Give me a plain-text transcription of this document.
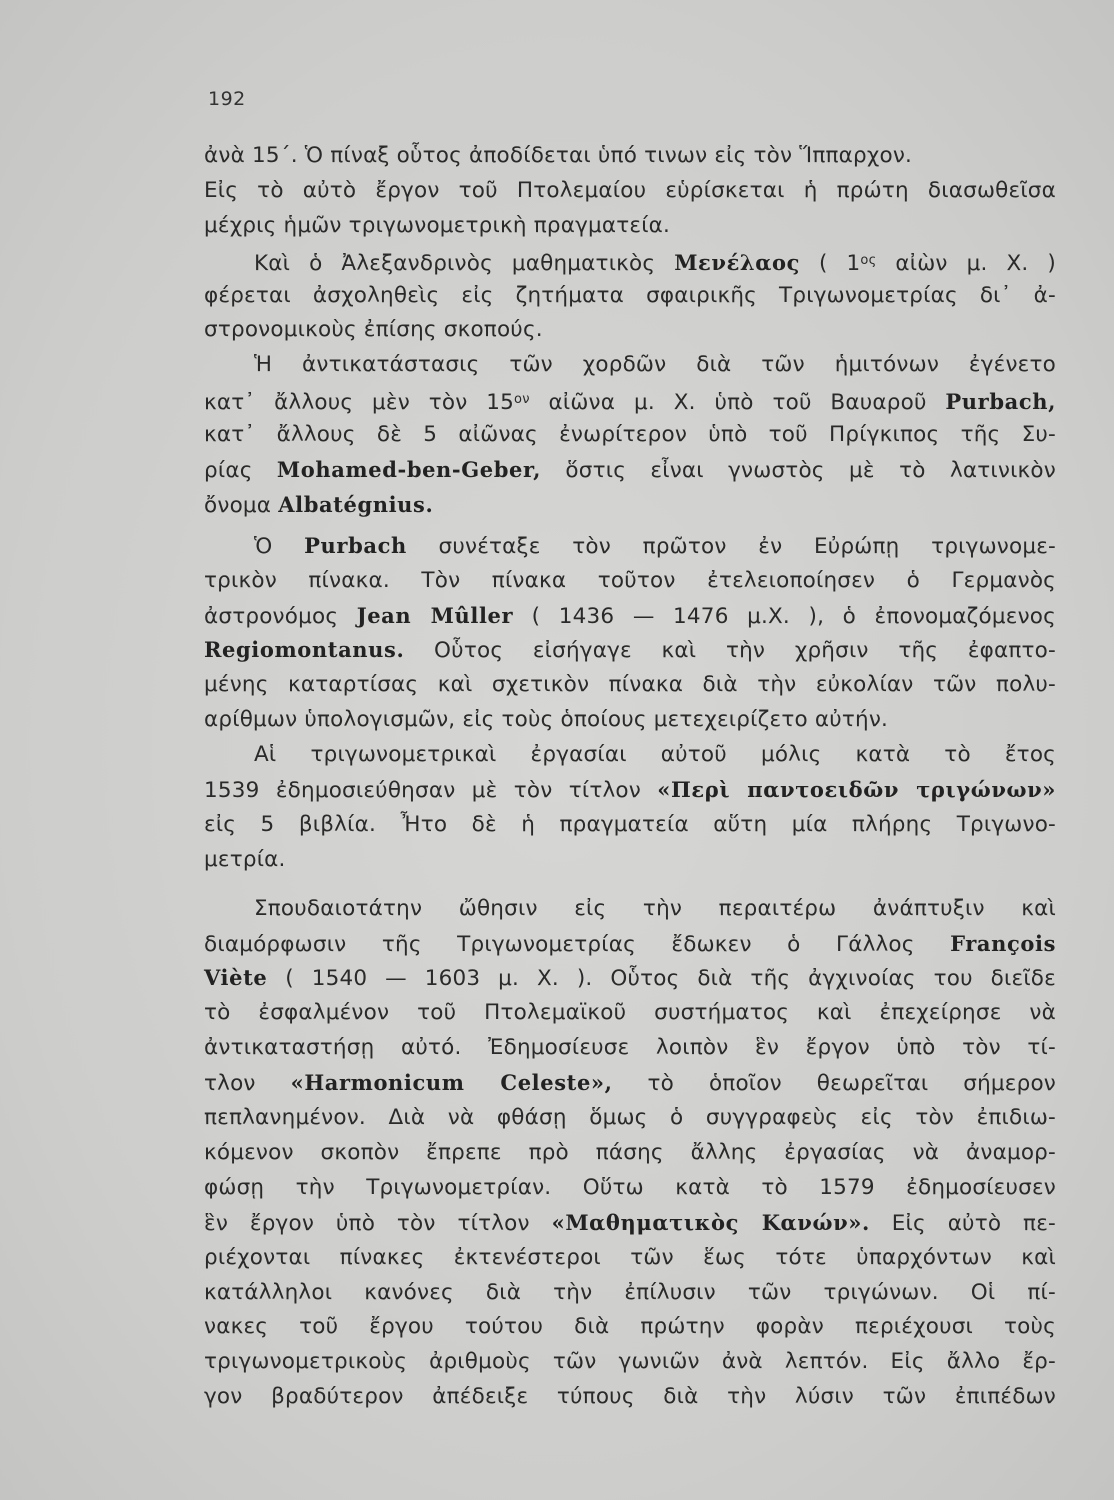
192
ἀνὰ 15΄. Ὁ πίναξ οὗτος ἀποδίδεται ὑπό τινων εἰς τὸν Ἵππαρχον.
Εἰς τὸ αὐτὸ ἔργον τοῦ Πτολεμαίου εὑρίσκεται ἡ πρώτη διασωθεῖσα
μέχρις ἡμῶν τριγωνομετρικὴ πραγματεία.
Καὶ ὁ Ἀλεξανδρινὸς μαθηματικὸς Μενέλαος ( $1^{o\varsigma}$ αἰὼν μ. Χ. )
φέρεται ἀσχοληθεὶς εἰς ζητήματα σφαιρικῆς Τριγωνομετρίας δι᾿ ἀ-
στρονομικοὺς ἐπίσης σκοπούς.
Ἡ ἀντικατάστασις τῶν χορδῶν διὰ τῶν ἡμιτόνων ἐγένετο
κατ᾿ ἄλλους μὲν τὸν $15^{o\nu}$ αἰῶνα μ. Χ. ὑπὸ τοῦ Βαυαροῦ Purbach,
κατ᾿ ἄλλους δὲ 5 αἰῶνας ἐνωρίτερον ὑπὸ τοῦ Πρίγκιπος τῆς Συ-
ρίας Mohamed-ben-Geber, ὅστις εἶναι γνωστὸς μὲ τὸ λατινικὸν
ὄνομα Albatégnius.
Ὁ Purbach συνέταξε τὸν πρῶτον ἐν Εὐρώπῃ τριγωνομε-
τρικὸν πίνακα. Τὸν πίνακα τοῦτον ἐτελειοποίησεν ὁ Γερμανὸς
ἀστρονόμος Jean Mûller ( 1436 — 1476 μ.Χ. ), ὁ ἐπονομαζόμενος
Regiomontanus. Οὗτος εἰσήγαγε καὶ τὴν χρῆσιν τῆς ἐφαπτο-
μένης καταρτίσας καὶ σχετικὸν πίνακα διὰ τὴν εὐκολίαν τῶν πολυ-
αρίθμων ὑπολογισμῶν, εἰς τοὺς ὁποίους μετεχειρίζετο αὐτήν.
Αἱ τριγωνομετρικαὶ ἐργασίαι αὐτοῦ μόλις κατὰ τὸ ἔτος
1539 ἐδημοσιεύθησαν μὲ τὸν τίτλον «Περὶ παντοειδῶν τριγώνων»
εἰς 5 βιβλία. Ἦτο δὲ ἡ πραγματεία αὕτη μία πλήρης Τριγωνο-
μετρία.
Σπουδαιοτάτην ὤθησιν εἰς τὴν περαιτέρω ἀνάπτυξιν καὶ
διαμόρφωσιν τῆς Τριγωνομετρίας ἔδωκεν ὁ Γάλλος François
Viète ( 1540 — 1603 μ. Χ. ). Οὗτος διὰ τῆς ἀγχινοίας του διεῖδε
τὸ ἐσφαλμένον τοῦ Πτολεμαϊκοῦ συστήματος καὶ ἐπεχείρησε νὰ
ἀντικαταστήσῃ αὐτό. Ἐδημοσίευσε λοιπὸν ἓν ἔργον ὑπὸ τὸν τί-
τλον «Harmonicum Celeste», τὸ ὁποῖον θεωρεῖται σήμερον
πεπλανημένον. Διὰ νὰ φθάσῃ ὅμως ὁ συγγραφεὺς εἰς τὸν ἐπιδιω-
κόμενον σκοπὸν ἔπρεπε πρὸ πάσης ἄλλης ἐργασίας νὰ ἀναμορ-
φώσῃ τὴν Τριγωνομετρίαν. Οὕτω κατὰ τὸ 1579 ἐδημοσίευσεν
ἓν ἔργον ὑπὸ τὸν τίτλον «Μαθηματικὸς Κανών». Εἰς αὐτὸ πε-
ριέχονται πίνακες ἐκτενέστεροι τῶν ἕως τότε ὑπαρχόντων καὶ
κατάλληλοι κανόνες διὰ τὴν ἐπίλυσιν τῶν τριγώνων. Οἱ πί-
νακες τοῦ ἔργου τούτου διὰ πρώτην φορὰν περιέχουσι τοὺς
τριγωνομετρικοὺς ἀριθμοὺς τῶν γωνιῶν ἀνὰ λεπτόν. Εἰς ἄλλο ἔρ-
γον βραδύτερον ἀπέδειξε τύπους διὰ τὴν λύσιν τῶν ἐπιπέδων
